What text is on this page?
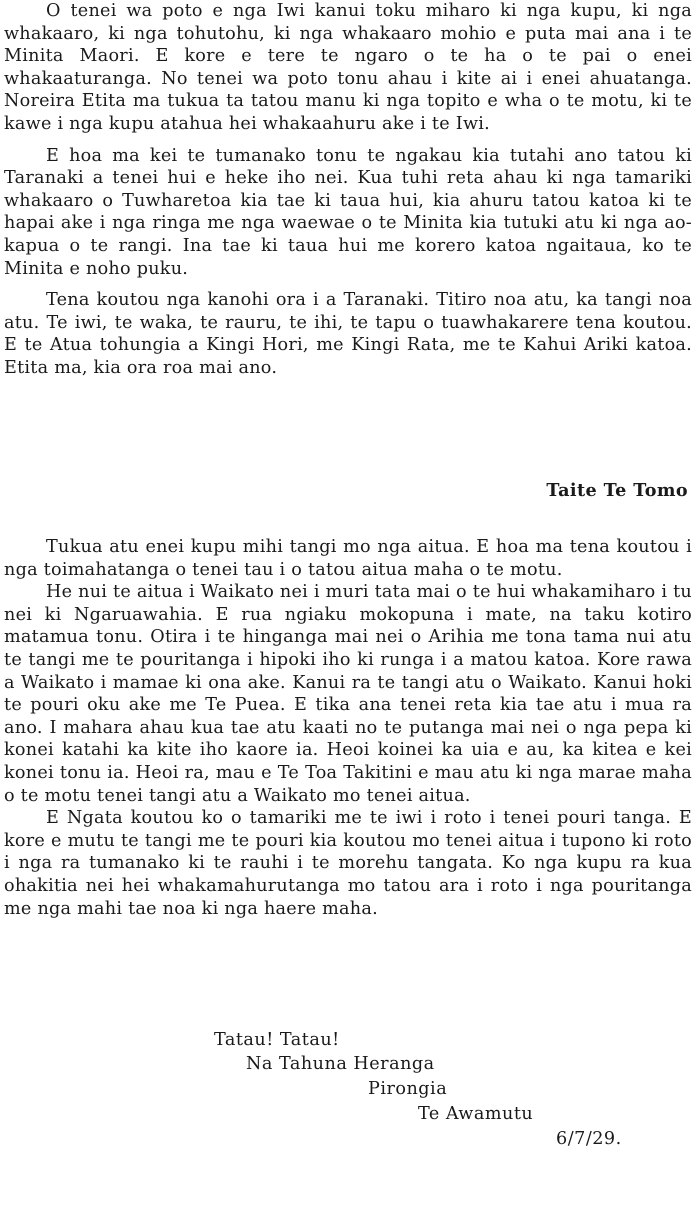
O tenei wa poto e nga Iwi kanui toku miharo ki nga kupu, ki nga whakaaro, ki nga tohutohu, ki nga whakaaro mohio e puta mai ana i te Minita Maori. E kore e tere te ngaro o te ha o te pai o enei whakaaturanga. No tenei wa poto tonu ahau i kite ai i enei ahuatanga. Noreira Etita ma tukua ta tatou manu ki nga topito e wha o te motu, ki te kawe i nga kupu atahua hei whakaahuru ake i te Iwi.

E hoa ma kei te tumanako tonu te ngakau kia tutahi ano tatou ki Taranaki a tenei hui e heke iho nei. Kua tuhi reta ahau ki nga tamariki whakaaro o Tuwharetoa kia tae ki taua hui, kia ahuru tatou katoa ki te hapai ake i nga ringa me nga waewae o te Minita kia tutuki atu ki nga ao-kapua o te rangi. Ina tae ki taua hui me korero katoa ngaitaua, ko te Minita e noho puku.

Tena koutou nga kanohi ora i a Taranaki. Titiro noa atu, ka tangi noa atu. Te iwi, te waka, te rauru, te ihi, te tapu o tuawhakarere tena koutou. E te Atua tohungia a Kingi Hori, me Kingi Rata, me te Kahui Ariki katoa. Etita ma, kia ora roa mai ano.

Taite Te Tomo

Tukua atu enei kupu mihi tangi mo nga aitua. E hoa ma tena koutou i nga toimahatanga o tenei tau i o tatou aitua maha o te motu.

He nui te aitua i Waikato nei i muri tata mai o te hui whakamiharo i tu nei ki Ngaruawahia. E rua ngiaku mokopuna i mate, na taku kotiro matamua tonu. Otira i te hinganga mai nei o Arihia me tona tama nui atu te tangi me te pouritanga i hipoki iho ki runga i a matou katoa. Kore rawa a Waikato i mamae ki ona ake. Kanui ra te tangi atu o Waikato. Kanui hoki te pouri oku ake me Te Puea. E tika ana tenei reta kia tae atu i mua ra ano. I mahara ahau kua tae atu kaati no te putanga mai nei o nga pepa ki konei katahi ka kite iho kaore ia. Heoi koinei ka uia e au, ka kitea e kei konei tonu ia. Heoi ra, mau e Te Toa Takitini e mau atu ki nga marae maha o te motu tenei tangi atu a Waikato mo tenei aitua.

E Ngata koutou ko o tamariki me te iwi i roto i tenei pouri tanga. E kore e mutu te tangi me te pouri kia koutou mo tenei aitua i tupono ki roto i nga ra tumanako ki te rauhi i te morehu tangata. Ko nga kupu ra kua ohakitia nei hei whakamahurutanga mo tatou ara i roto i nga pouritanga me nga mahi tae noa ki nga haere maha.

Tatau! Tatau!
Na Tahuna Heranga
Pirongia
Te Awamutu
6/7/29.
